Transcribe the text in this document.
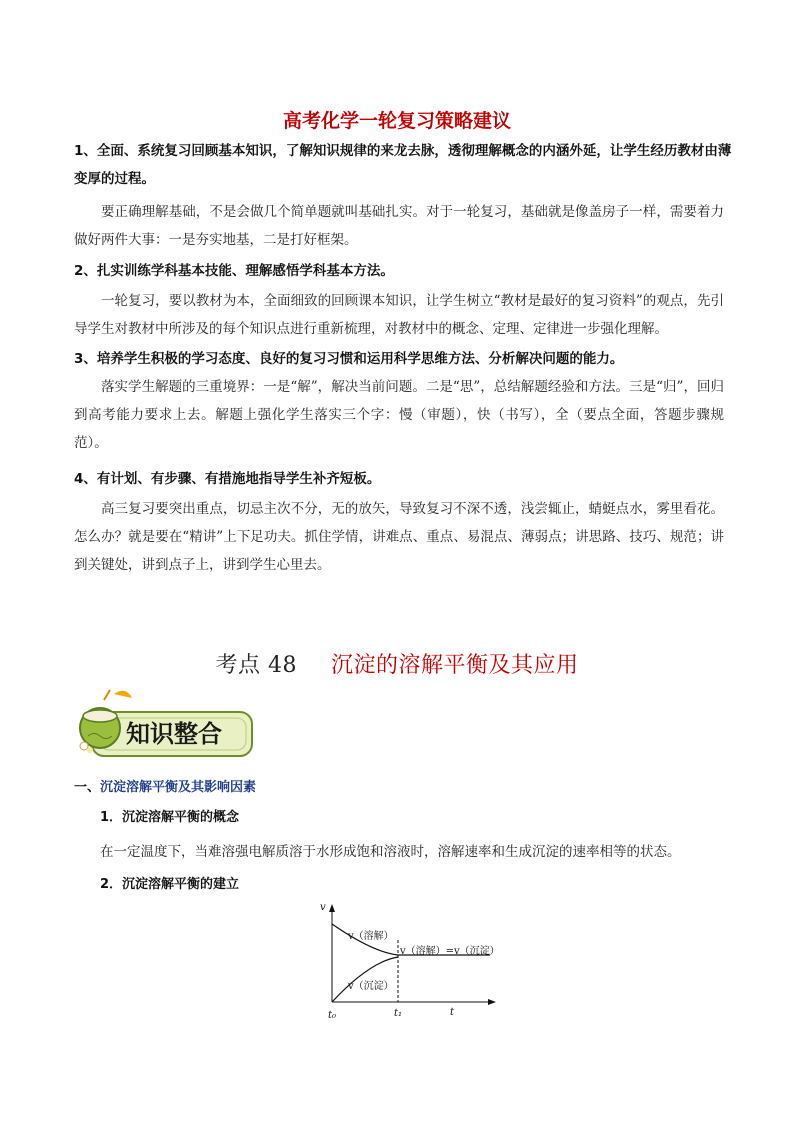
高考化学一轮复习策略建议
1、全面、系统复习回顾基本知识，了解知识规律的来龙去脉，透彻理解概念的内涵外延，让学生经历教材由薄变厚的过程。
要正确理解基础，不是会做几个简单题就叫基础扎实。对于一轮复习，基础就是像盖房子一样，需要着力做好两件大事：一是夯实地基，二是打好框架。
2、扎实训练学科基本技能、理解感悟学科基本方法。
一轮复习，要以教材为本，全面细致的回顾课本知识，让学生树立“教材是最好的复习资料”的观点，先引导学生对教材中所涉及的每个知识点进行重新梳理，对教材中的概念、定理、定律进一步强化理解。
3、培养学生积极的学习态度、良好的复习习惯和运用科学思维方法、分析解决问题的能力。
落实学生解题的三重境界：一是“解”，解决当前问题。二是“思”，总结解题经验和方法。三是“归”，回归到高考能力要求上去。解题上强化学生落实三个字：慢（审题），快（书写），全（要点全面，答题步骤规范）。
4、有计划、有步骤、有措施地指导学生补齐短板。
高三复习要突出重点，切忌主次不分，无的放矢，导致复习不深不透，浅尝辄止，蜻蜓点水，雾里看花。怎么办？就是要在“精讲”上下足功夫。抓住学情，讲难点、重点、易混点、薄弱点；讲思路、技巧、规范；讲到关键处，讲到点子上，讲到学生心里去。
考点 48 沉淀的溶解平衡及其应用
知识整合
一、沉淀溶解平衡及其影响因素
1．沉淀溶解平衡的概念
在一定温度下，当难溶强电解质溶于水形成饱和溶液时，溶解速率和生成沉淀的速率相等的状态。
2．沉淀溶解平衡的建立
v
t
v（溶解）
v（溶解）=v（沉淀）
v（沉淀）
t₀	t₁
